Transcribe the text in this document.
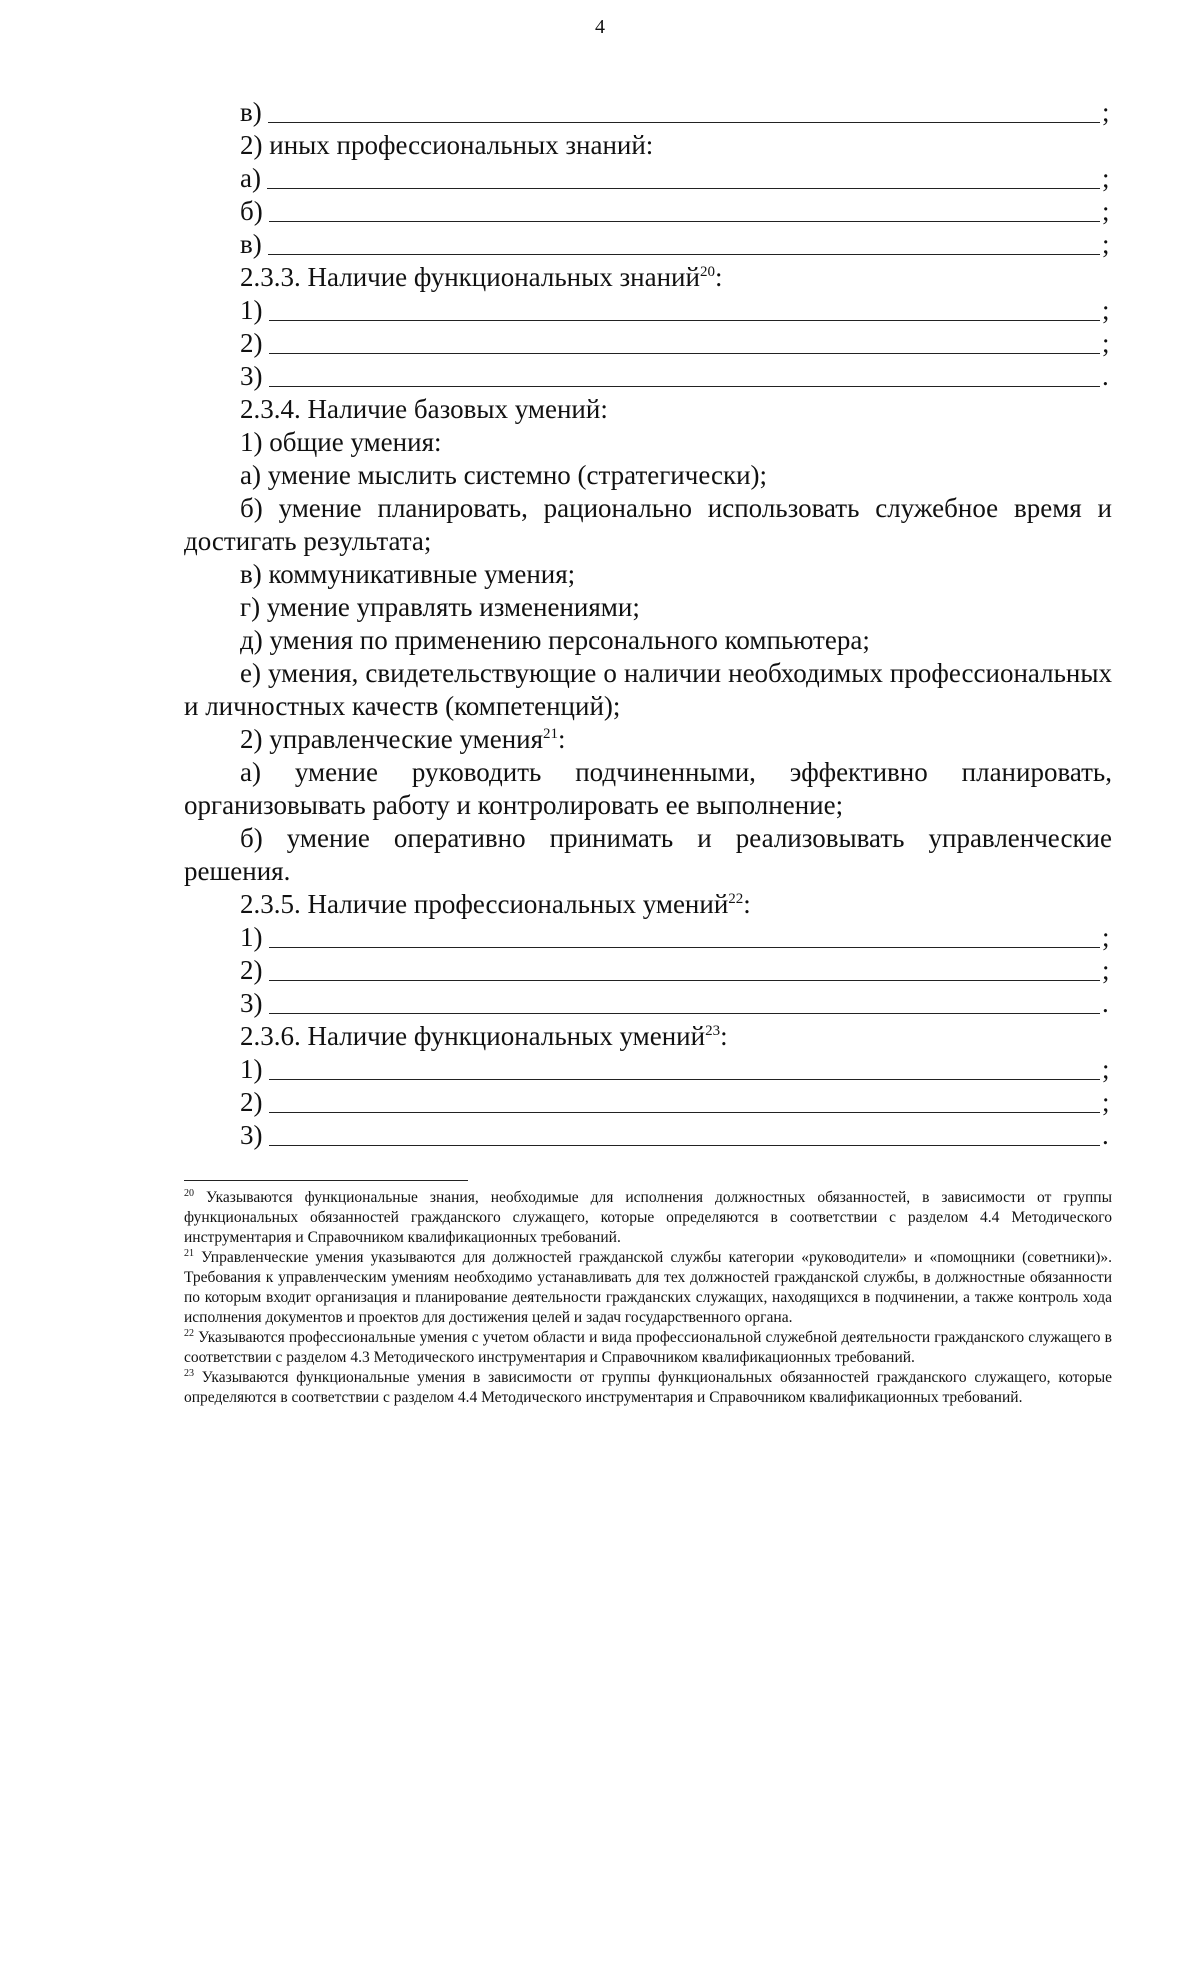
4
в)	;
2) иных профессиональных знаний:
а)	;
б)	;
в)	;
2.3.3. Наличие функциональных знаний$^{20}$:
1)	;
2)	;
3)	.
2.3.4. Наличие базовых умений:
1) общие умения:
а) умение мыслить системно (стратегически);
б) умение планировать, рационально использовать служебное время и достигать результата;
в) коммуникативные умения;
г) умение управлять изменениями;
д) умения по применению персонального компьютера;
е) умения, свидетельствующие о наличии необходимых профессиональных и личностных качеств (компетенций);
2) управленческие умения$^{21}$:
а) умение руководить подчиненными, эффективно планировать, организовывать работу и контролировать ее выполнение;
б) умение оперативно принимать и реализовывать управленческие решения.
2.3.5. Наличие профессиональных умений$^{22}$:
1)	;
2)	;
3)	.
2.3.6. Наличие функциональных умений$^{23}$:
1)	;
2)	;
3)	.

$^{20}$ Указываются функциональные знания, необходимые для исполнения должностных обязанностей, в зависимости от группы функциональных обязанностей гражданского служащего, которые определяются в соответствии с разделом 4.4 Методического инструментария и Справочником квалификационных требований.

$^{21}$ Управленческие умения указываются для должностей гражданской службы категории «руководители» и «помощники (советники)». Требования к управленческим умениям необходимо устанавливать для тех должностей гражданской службы, в должностные обязанности по которым входит организация и планирование деятельности гражданских служащих, находящихся в подчинении, а также контроль хода исполнения документов и проектов для достижения целей и задач государственного органа.

$^{22}$ Указываются профессиональные умения с учетом области и вида профессиональной служебной деятельности гражданского служащего в соответствии с разделом 4.3 Методического инструментария и Справочником квалификационных требований.

$^{23}$ Указываются функциональные умения в зависимости от группы функциональных обязанностей гражданского служащего, которые определяются в соответствии с разделом 4.4 Методического инструментария и Справочником квалификационных требований.
